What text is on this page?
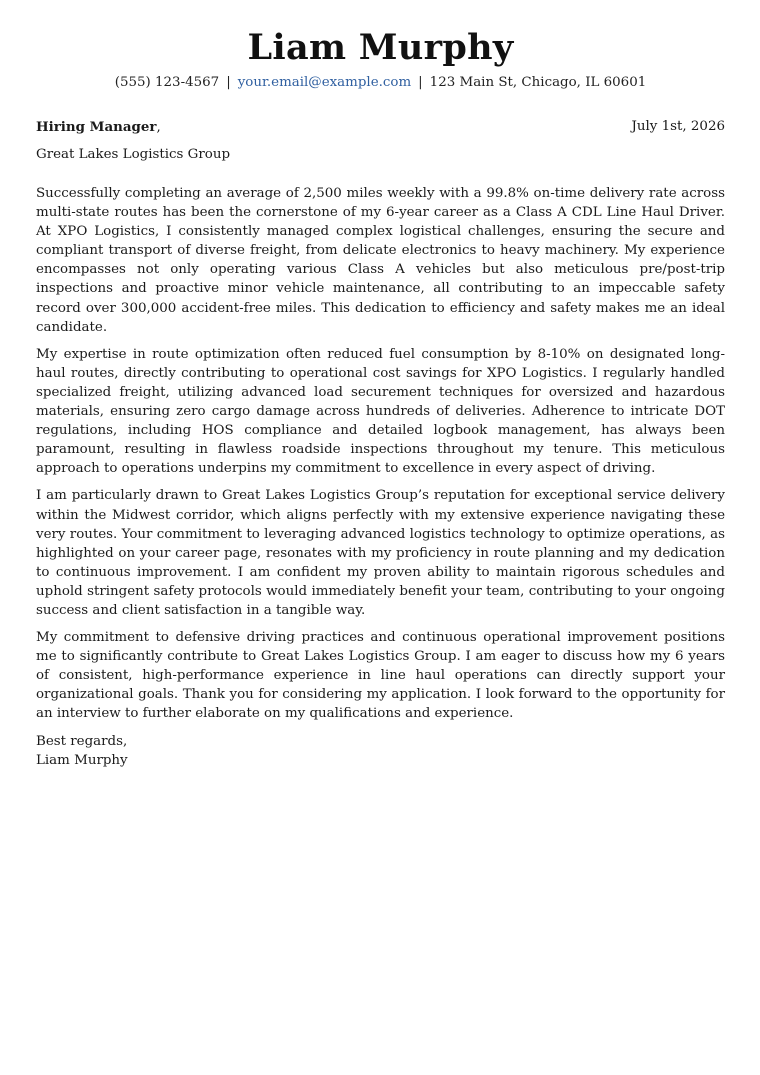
Liam Murphy
(555) 123-4567 | your.email@example.com | 123 Main St, Chicago, IL 60601
Hiring Manager,	July 1st, 2026
Great Lakes Logistics Group

Successfully completing an average of 2,500 miles weekly with a 99.8% on-time delivery rate across multi-state routes has been the cornerstone of my 6-year career as a Class A CDL Line Haul Driver. At XPO Logistics, I consistently managed complex logistical challenges, ensuring the secure and compliant transport of diverse freight, from delicate electronics to heavy machinery. My experience encompasses not only operating various Class A vehicles but also meticulous pre/post-trip inspections and proactive minor vehicle maintenance, all contributing to an impeccable safety record over 300,000 accident-free miles. This dedication to efficiency and safety makes me an ideal candidate.

My expertise in route optimization often reduced fuel consumption by 8-10% on designated long-haul routes, directly contributing to operational cost savings for XPO Logistics. I regularly handled specialized freight, utilizing advanced load securement techniques for oversized and hazardous materials, ensuring zero cargo damage across hundreds of deliveries. Adherence to intricate DOT regulations, including HOS compliance and detailed logbook management, has always been paramount, resulting in flawless roadside inspections throughout my tenure. This meticulous approach to operations underpins my commitment to excellence in every aspect of driving.

I am particularly drawn to Great Lakes Logistics Group’s reputation for exceptional service delivery within the Midwest corridor, which aligns perfectly with my extensive experience navigating these very routes. Your commitment to leveraging advanced logistics technology to optimize operations, as highlighted on your career page, resonates with my proficiency in route planning and my dedication to continuous improvement. I am confident my proven ability to maintain rigorous schedules and uphold stringent safety protocols would immediately benefit your team, contributing to your ongoing success and client satisfaction in a tangible way.

My commitment to defensive driving practices and continuous operational improvement positions me to significantly contribute to Great Lakes Logistics Group. I am eager to discuss how my 6 years of consistent, high-performance experience in line haul operations can directly support your organizational goals. Thank you for considering my application. I look forward to the opportunity for an interview to further elaborate on my qualifications and experience.

Best regards,
Liam Murphy
